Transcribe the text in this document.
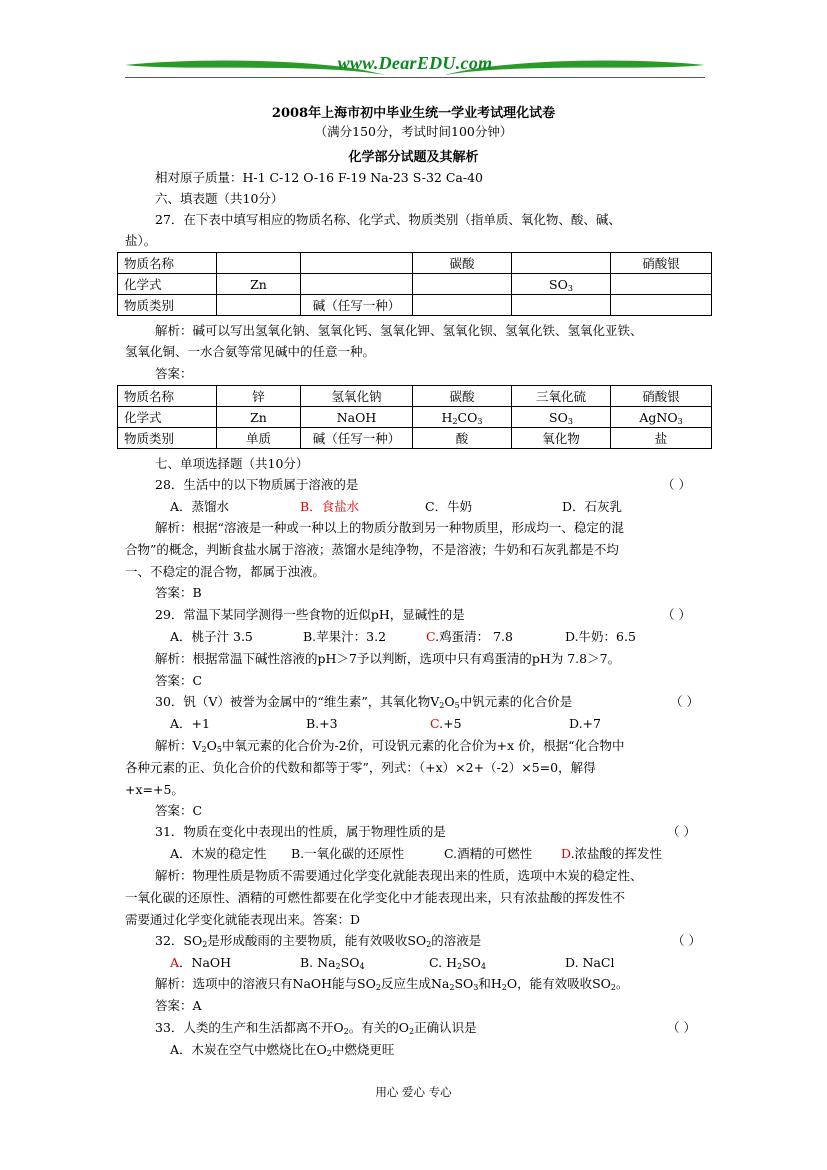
www.DearEDU.com
2008年上海市初中毕业生统一学业考试理化试卷
（满分150分，考试时间100分钟）
化学部分试题及其解析
相对原子质量：H-1 C-12 O-16 F-19 Na-23 S-32 Ca-40
六、填表题（共10分）
27．在下表中填写相应的物质名称、化学式、物质类别（指单质、氧化物、酸、碱、
盐）。
物质名称			碳酸		硝酸银
化学式	Zn			$SO_3$	
物质类别		碱（任写一种）			
解析：碱可以写出氢氧化钠、氢氧化钙、氢氧化钾、氢氧化钡、氢氧化铁、氢氧化亚铁、
氢氧化铜、一水合氨等常见碱中的任意一种。
答案：
物质名称	锌	氢氧化钠	碳酸	三氧化硫	硝酸银
化学式	Zn	NaOH	$H_2CO_3$	$SO_3$	AgNO$_3$
物质类别	单质	碱（任写一种）	酸	氧化物	盐
七、单项选择题（共10分）
28．生活中的以下物质属于溶液的是	（ ）
A．蒸馏水	B．食盐水	C．牛奶	D．石灰乳
解析：根据“溶液是一种或一种以上的物质分散到另一种物质里，形成均一、稳定的混
合物”的概念，判断食盐水属于溶液；蒸馏水是纯净物，不是溶液；牛奶和石灰乳都是不均
一、不稳定的混合物，都属于浊液。
答案：B
29．常温下某同学测得一些食物的近似pH，显碱性的是	（ ）
A．桃子汁 3.5	B.苹果汁：3.2	C.鸡蛋清： 7.8	D.牛奶：6.5
解析：根据常温下碱性溶液的pH＞7予以判断，选项中只有鸡蛋清的pH为 7.8＞7。
答案：C
30．钒（V）被誉为金属中的“维生素”，其氧化物$V_2O_5$中钒元素的化合价是	（ ）
A．+1	B.+3	C.+5	D.+7
解析：$V_2O_5$中氧元素的化合价为-2价，可设钒元素的化合价为+x 价，根据“化合物中
各种元素的正、负化合价的代数和都等于零”，列式：（+x）×2+（-2）×5=0，解得
+x=+5。
答案：C
31．物质在变化中表现出的性质，属于物理性质的是	（ ）
A．木炭的稳定性 B.一氧化碳的还原性	C.酒精的可燃性 D.浓盐酸的挥发性
解析：物理性质是物质不需要通过化学变化就能表现出来的性质，选项中木炭的稳定性、
一氧化碳的还原性、酒精的可燃性都要在化学变化中才能表现出来，只有浓盐酸的挥发性不
需要通过化学变化就能表现出来。答案：D
32．$SO_2$是形成酸雨的主要物质，能有效吸收$SO_2$的溶液是	（ ）
A．NaOH	B. $Na_2SO_4$	C. $H_2SO_4$	D. NaCl
解析：选项中的溶液只有NaOH能与$SO_2$反应生成$Na_2SO_3$和$H_2O$，能有效吸收$SO_2$。
答案：A
33．人类的生产和生活都离不开$O_2$。有关的$O_2$正确认识是	（ ）
A．木炭在空气中燃烧比在$O_2$中燃烧更旺
用心 爱心 专心
